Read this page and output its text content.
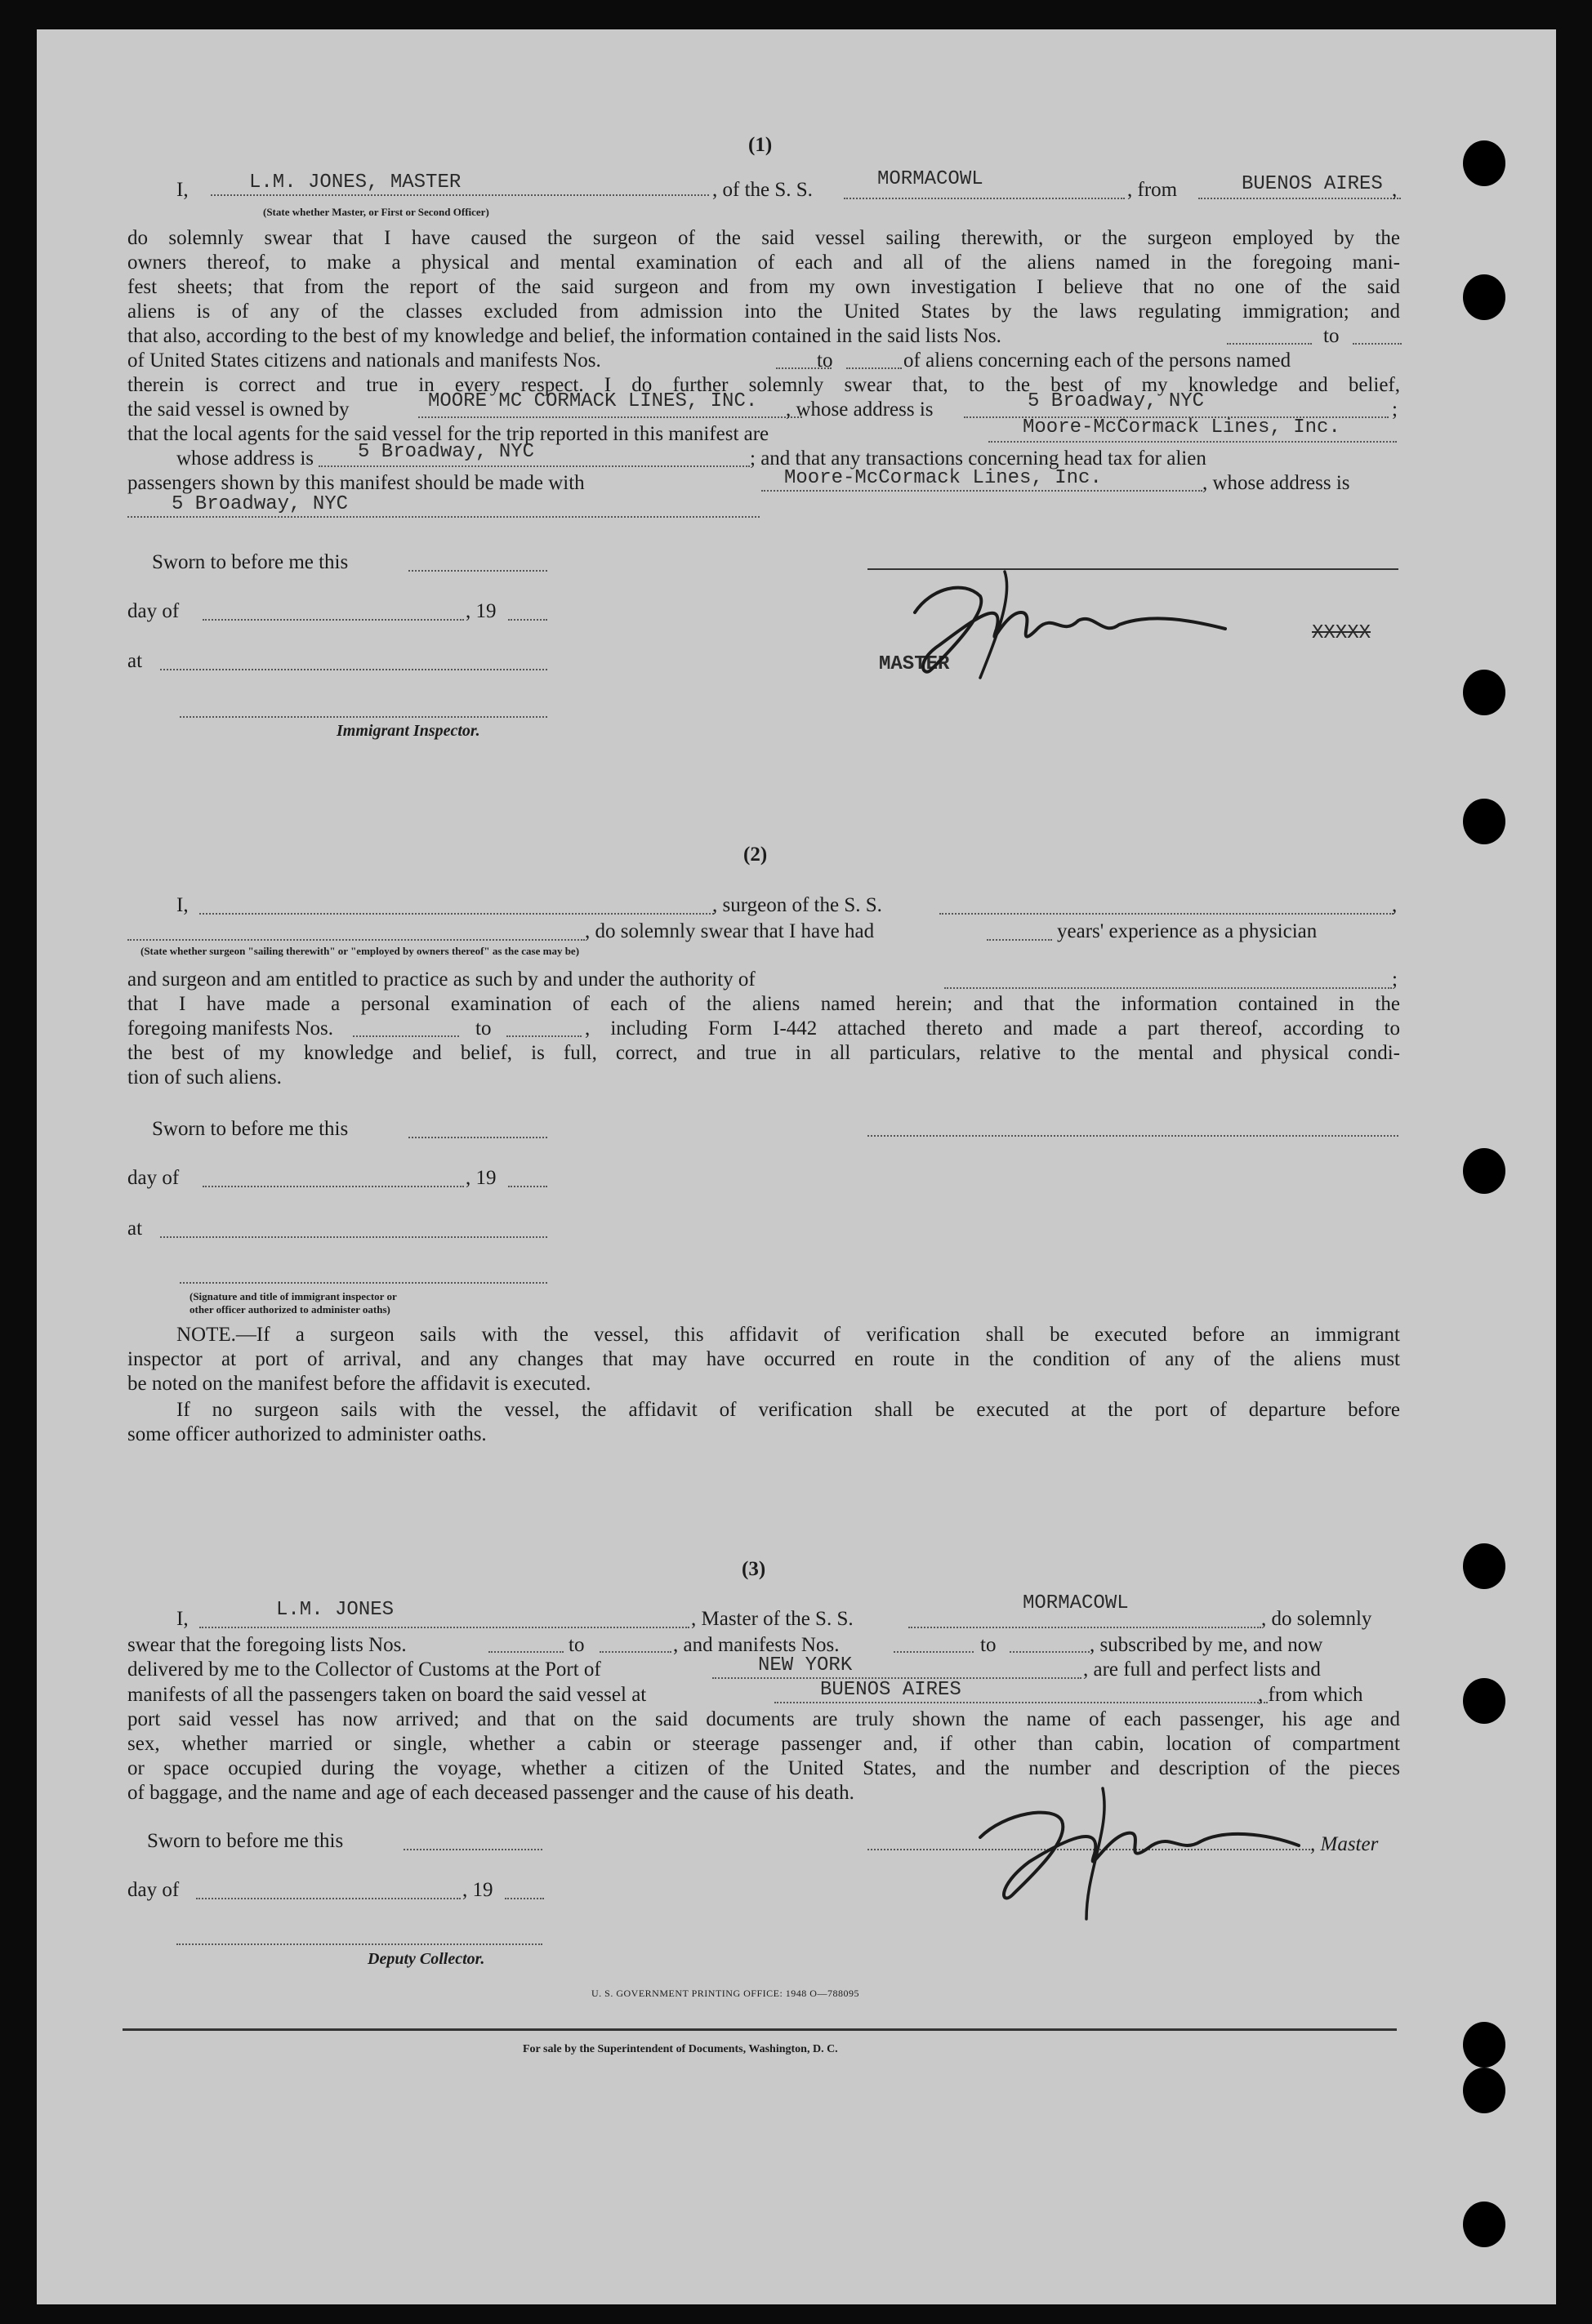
(1)
I,	L.M. JONES, MASTER
(State whether Master, or First or Second Officer)
, of the S. S.	MORMACOWL	, from	BUENOS AIRES ,
do solemnly swear that I have caused the surgeon of the said vessel sailing therewith, or the surgeon employed by the
owners thereof, to make a physical and mental examination of each and all of the aliens named in the foregoing mani-
fest sheets; that from the report of the said surgeon and from my own investigation I believe that no one of the said
aliens is of any of the classes excluded from admission into the United States by the laws regulating immigration; and
that also, according to the best of my knowledge and belief, the information contained in the said lists Nos.	to
of United States citizens and nationals and manifests Nos.	to	of aliens concerning each of the persons named
therein is correct and true in every respect. I do further solemnly swear that, to the best of my knowledge and belief,
the said vessel is owned by	MOORE MC CORMACK LINES, INC. , whose address is	5 Broadway, NYC	;
that the local agents for the said vessel for the trip reported in this manifest are	Moore-McCormack Lines, Inc.
whose address is 5 Broadway, NYC	; and that any transactions concerning head tax for alien
passengers shown by this manifest should be made with	Moore-McCormack Lines, Inc.	, whose address is
5 Broadway, NYC
Sworn to before me this
day of	, 19
at
Immigrant Inspector.
MASTER
XXXXX
(2)
I,	, surgeon of the S. S.	,
(State whether surgeon "sailing therewith" or "employed by owners thereof" as the case may be)
, do solemnly swear that I have had	years' experience as a physician
and surgeon and am entitled to practice as such by and under the authority of	;
that I have made a personal examination of each of the aliens named herein; and that the information contained in the
foregoing manifests Nos.	to	, including Form I-442 attached thereto and made a part thereof, according to
the best of my knowledge and belief, is full, correct, and true in all particulars, relative to the mental and physical condi-
tion of such aliens.
Sworn to before me this
day of	, 19
at
(Signature and title of immigrant inspector or
other officer authorized to administer oaths)
NOTE.—If a surgeon sails with the vessel, this affidavit of verification shall be executed before an immigrant
inspector at port of arrival, and any changes that may have occurred en route in the condition of any of the aliens must
be noted on the manifest before the affidavit is executed.
If no surgeon sails with the vessel, the affidavit of verification shall be executed at the port of departure before
some officer authorized to administer oaths.
(3)
I,	L.M. JONES	, Master of the S. S.
MORMACOWL
, do solemnly
swear that the foregoing lists Nos.	to	, and manifests Nos.	to	, subscribed by me, and now
delivered by me to the Collector of Customs at the Port of	NEW YORK	, are full and perfect lists and
manifests of all the passengers taken on board the said vessel at	BUENOS AIRES	, from which
port said vessel has now arrived; and that on the said documents are truly shown the name of each passenger, his age and
sex, whether married or single, whether a cabin or steerage passenger and, if other than cabin, location of compartment
or space occupied during the voyage, whether a citizen of the United States, and the number and description of the pieces
of baggage, and the name and age of each deceased passenger and the cause of his death.
Sworn to before me this	, Master
day of	, 19
Deputy Collector.
U. S. GOVERNMENT PRINTING OFFICE: 1948 O—788095
For sale by the Superintendent of Documents, Washington, D. C.
